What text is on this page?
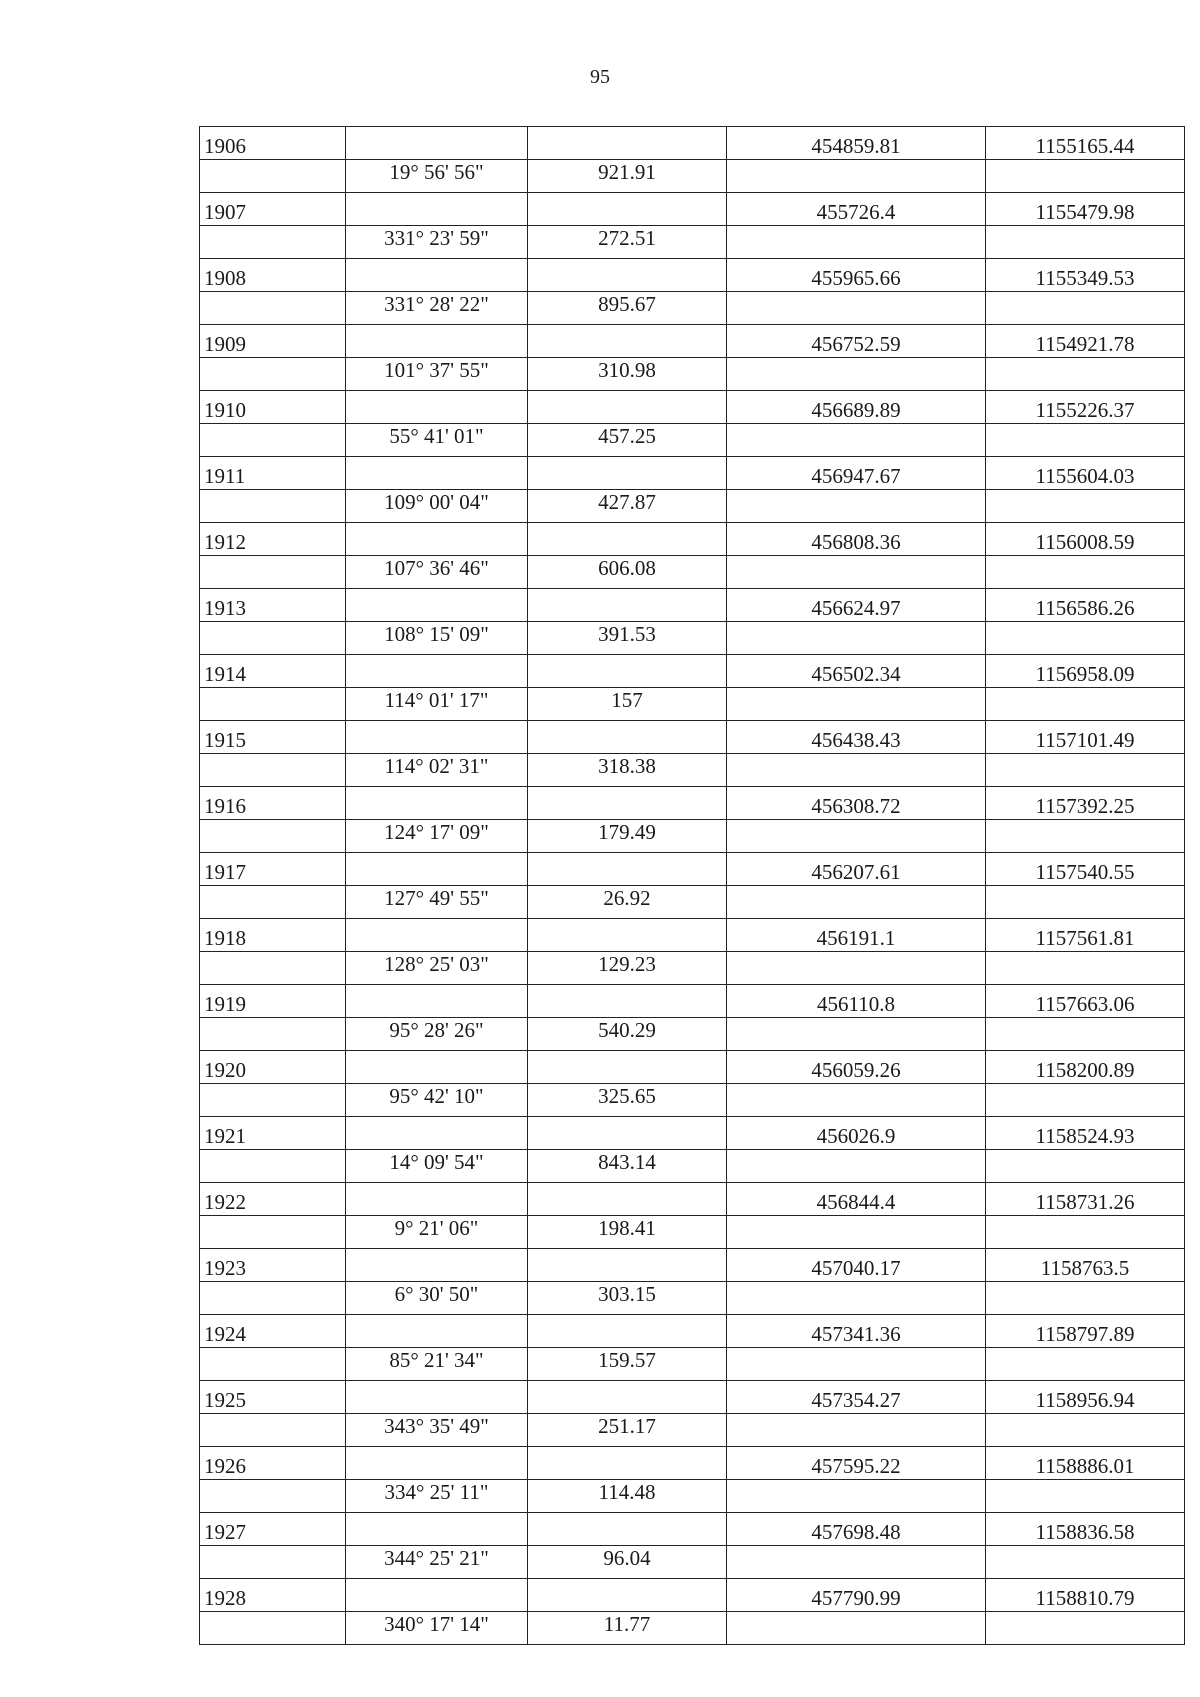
95
1906			454859.81	1155165.44
	19° 56' 56"	921.91		
1907			455726.4	1155479.98
	331° 23' 59"	272.51		
1908			455965.66	1155349.53
	331° 28' 22"	895.67		
1909			456752.59	1154921.78
	101° 37' 55"	310.98		
1910			456689.89	1155226.37
	55° 41' 01"	457.25		
1911			456947.67	1155604.03
	109° 00' 04"	427.87		
1912			456808.36	1156008.59
	107° 36' 46"	606.08		
1913			456624.97	1156586.26
	108° 15' 09"	391.53		
1914			456502.34	1156958.09
	114° 01' 17"	157		
1915			456438.43	1157101.49
	114° 02' 31"	318.38		
1916			456308.72	1157392.25
	124° 17' 09"	179.49		
1917			456207.61	1157540.55
	127° 49' 55"	26.92		
1918			456191.1	1157561.81
	128° 25' 03"	129.23		
1919			456110.8	1157663.06
	95° 28' 26"	540.29		
1920			456059.26	1158200.89
	95° 42' 10"	325.65		
1921			456026.9	1158524.93
	14° 09' 54"	843.14		
1922			456844.4	1158731.26
	9° 21' 06"	198.41		
1923			457040.17	1158763.5
	6° 30' 50"	303.15		
1924			457341.36	1158797.89
	85° 21' 34"	159.57		
1925			457354.27	1158956.94
	343° 35' 49"	251.17		
1926			457595.22	1158886.01
	334° 25' 11"	114.48		
1927			457698.48	1158836.58
	344° 25' 21"	96.04		
1928			457790.99	1158810.79
	340° 17' 14"	11.77		
